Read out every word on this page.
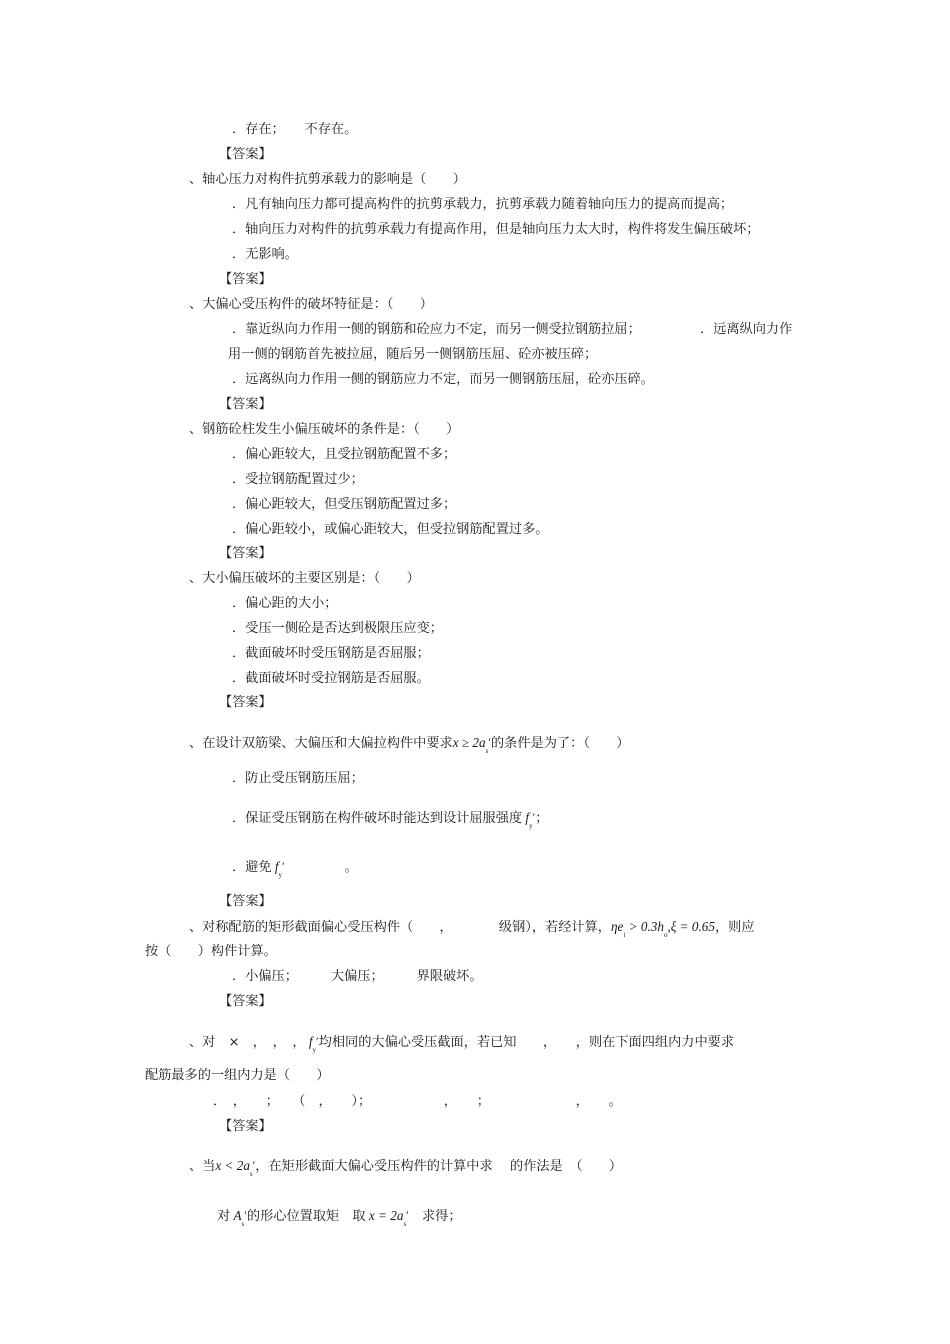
．存在；　　不存在。
【答案】
、轴心压力对构件抗剪承载力的影响是（　　）
．凡有轴向压力都可提高构件的抗剪承载力，抗剪承载力随着轴向压力的提高而提高；
．轴向压力对构件的抗剪承载力有提高作用，但是轴向压力太大时，构件将发生偏压破坏；
．无影响。
【答案】
、大偏心受压构件的破坏特征是：（　　）
．靠近纵向力作用一侧的钢筋和砼应力不定，而另一侧受拉钢筋拉屈；	．远离纵向力作
用一侧的钢筋首先被拉屈，随后另一侧钢筋压屈、砼亦被压碎；
．远离纵向力作用一侧的钢筋应力不定，而另一侧钢筋压屈，砼亦压碎。
【答案】
、钢筋砼柱发生小偏压破坏的条件是：（　　）
．偏心距较大，且受拉钢筋配置不多；
．受拉钢筋配置过少；
．偏心距较大，但受压钢筋配置过多；
．偏心距较小，或偏心距较大，但受拉钢筋配置过多。
【答案】
、大小偏压破坏的主要区别是：（　　）
．偏心距的大小；
．受压一侧砼是否达到极限压应变；
．截面破坏时受压钢筋是否屈服；
．截面破坏时受拉钢筋是否屈服。
【答案】
、在设计双筋梁、大偏压和大偏拉构件中要求$x \ge 2a_s'$的条件是为了：（　　）
．防止受压钢筋压屈；
．保证受压钢筋在构件破坏时能达到设计屈服强度 $f_y'$；
．避免 $f_y'$	。
【答案】
、对称配筋的矩形截面偏心受压构件（　　，　　　　级钢），若经计算，$\eta e_i > 0.3h_o,\xi = 0.65$，则应
按（　　）构件计算。
．小偏压；　　　大偏压；　　　界限破坏。
【答案】
、对　×　，　，　， $f_y'$均相同的大偏心受压截面，若已知　　，　　，则在下面四组内力中要求
配筋最多的一组内力是（　　）
．　，　　；　　（　，　　）；　　　　　　，　　；　　　　　　　，　　。
【答案】
、当$x < 2a_s'$，在矩形截面大偏心受压构件的计算中求　 的作法是　（　　）
对 $A_s'$的形心位置取矩　取 $x = 2a_s'$　求得；
